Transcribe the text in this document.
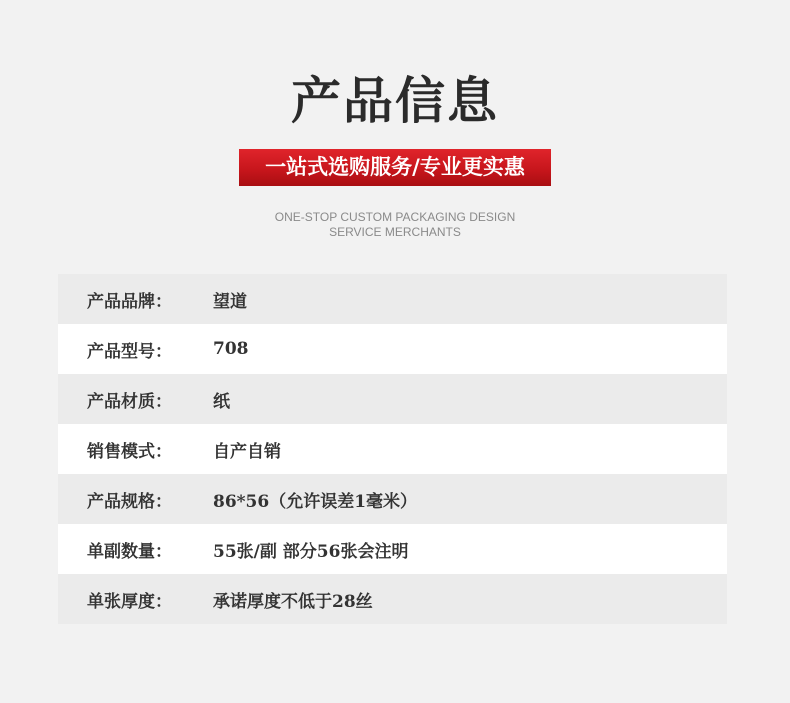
产品信息
一站式选购服务/专业更实惠
ONE-STOP CUSTOM PACKAGING DESIGN
SERVICE MERCHANTS
产品品牌：	望道
产品型号：	708
产品材质：	纸
销售模式：	自产自销
产品规格：	86*56（允许误差1毫米）
单副数量：	55张/副 部分56张会注明
单张厚度：	承诺厚度不低于28丝
